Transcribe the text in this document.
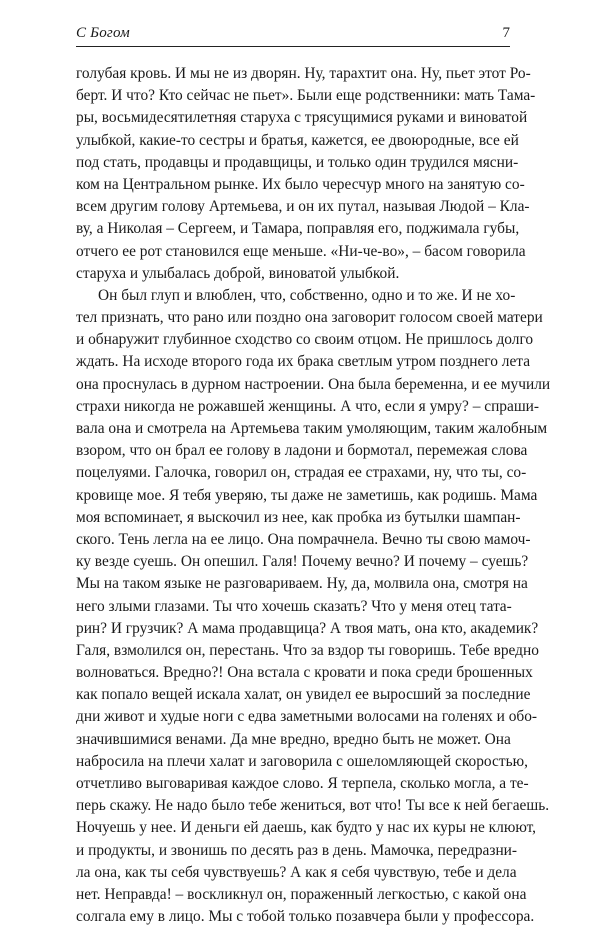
С Богом	7
голубая кровь. И мы не из дворян. Ну, тарахтит она. Ну, пьет этот Ро-
берт. И что? Кто сейчас не пьет». Были еще родственники: мать Тама-
ры, восьмидесятилетняя старуха с трясущимися руками и виноватой
улыбкой, какие-то сестры и братья, кажется, ее двоюродные, все ей
под стать, продавцы и продавщицы, и только один трудился мясни-
ком на Центральном рынке. Их было чересчур много на занятую со-
всем другим голову Артемьева, и он их путал, называя Людой – Кла-
ву, а Николая – Сергеем, и Тамара, поправляя его, поджимала губы,
отчего ее рот становился еще меньше. «Ни-че-во», – басом говорила
старуха и улыбалась доброй, виноватой улыбкой.
Он был глуп и влюблен, что, собственно, одно и то же. И не хо-
тел признать, что рано или поздно она заговорит голосом своей матери
и обнаружит глубинное сходство со своим отцом. Не пришлось долго
ждать. На исходе второго года их брака светлым утром позднего лета
она проснулась в дурном настроении. Она была беременна, и ее мучили
страхи никогда не рожавшей женщины. А что, если я умру? – спраши-
вала она и смотрела на Артемьева таким умоляющим, таким жалобным
взором, что он брал ее голову в ладони и бормотал, перемежая слова
поцелуями. Галочка, говорил он, страдая ее страхами, ну, что ты, со-
кровище мое. Я тебя уверяю, ты даже не заметишь, как родишь. Мама
моя вспоминает, я выскочил из нее, как пробка из бутылки шампан-
ского. Тень легла на ее лицо. Она помрачнела. Вечно ты свою мамоч-
ку везде суешь. Он опешил. Галя! Почему вечно? И почему – суешь?
Мы на таком языке не разговариваем. Ну, да, молвила она, смотря на
него злыми глазами. Ты что хочешь сказать? Что у меня отец татa-
рин? И грузчик? А мама продавщица? А твоя мать, она кто, академик?
Галя, взмолился он, перестань. Что за вздор ты говоришь. Тебе вредно
волноваться. Вредно?! Она встала с кровати и пока среди брошенных
как попало вещей искала халат, он увидел ее выросший за последние
дни живот и худые ноги с едва заметными волосами на голенях и обо-
значившимися венами. Да мне вредно, вредно быть не может. Она
набросила на плечи халат и заговорила с ошеломляющей скоростью,
отчетливо выговаривая каждое слово. Я терпела, сколько могла, а те-
перь скажу. Не надо было тебе жениться, вот что! Ты все к ней бегаешь.
Ночуешь у нее. И деньги ей даешь, как будто у нас их куры не клюют,
и продукты, и звонишь по десять раз в день. Мамочка, передразни-
ла она, как ты себя чувствуешь? А как я себя чувствую, тебе и дела
нет. Неправда! – воскликнул он, пораженный легкостью, с какой она
солгала ему в лицо. Мы с тобой только позавчера были у профессора.
